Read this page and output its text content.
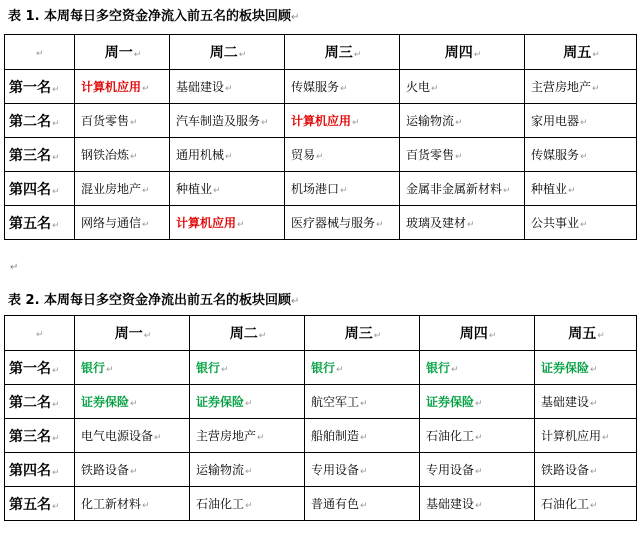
表 1. 本周每日多空资金净流入前五名的板块回顾↵
↵	周一↵	周二↵	周三↵	周四↵	周五↵
第一名↵	计算机应用↵	基础建设↵	传媒服务↵	火电↵	主营房地产↵
第二名↵	百货零售↵	汽车制造及服务↵	计算机应用↵	运输物流↵	家用电器↵
第三名↵	钢铁冶炼↵	通用机械↵	贸易↵	百货零售↵	传媒服务↵
第四名↵	混业房地产↵	种植业↵	机场港口↵	金属非金属新材料↵	种植业↵
第五名↵	网络与通信↵	计算机应用↵	医疗器械与服务↵	玻璃及建材↵	公共事业↵
↵
表 2. 本周每日多空资金净流出前五名的板块回顾↵
↵	周一↵	周二↵	周三↵	周四↵	周五↵
第一名↵	银行↵	银行↵	银行↵	银行↵	证券保险↵
第二名↵	证券保险↵	证券保险↵	航空军工↵	证券保险↵	基础建设↵
第三名↵	电气电源设备↵	主营房地产↵	船舶制造↵	石油化工↵	计算机应用↵
第四名↵	铁路设备↵	运输物流↵	专用设备↵	专用设备↵	铁路设备↵
第五名↵	化工新材料↵	石油化工↵	普通有色↵	基础建设↵	石油化工↵
